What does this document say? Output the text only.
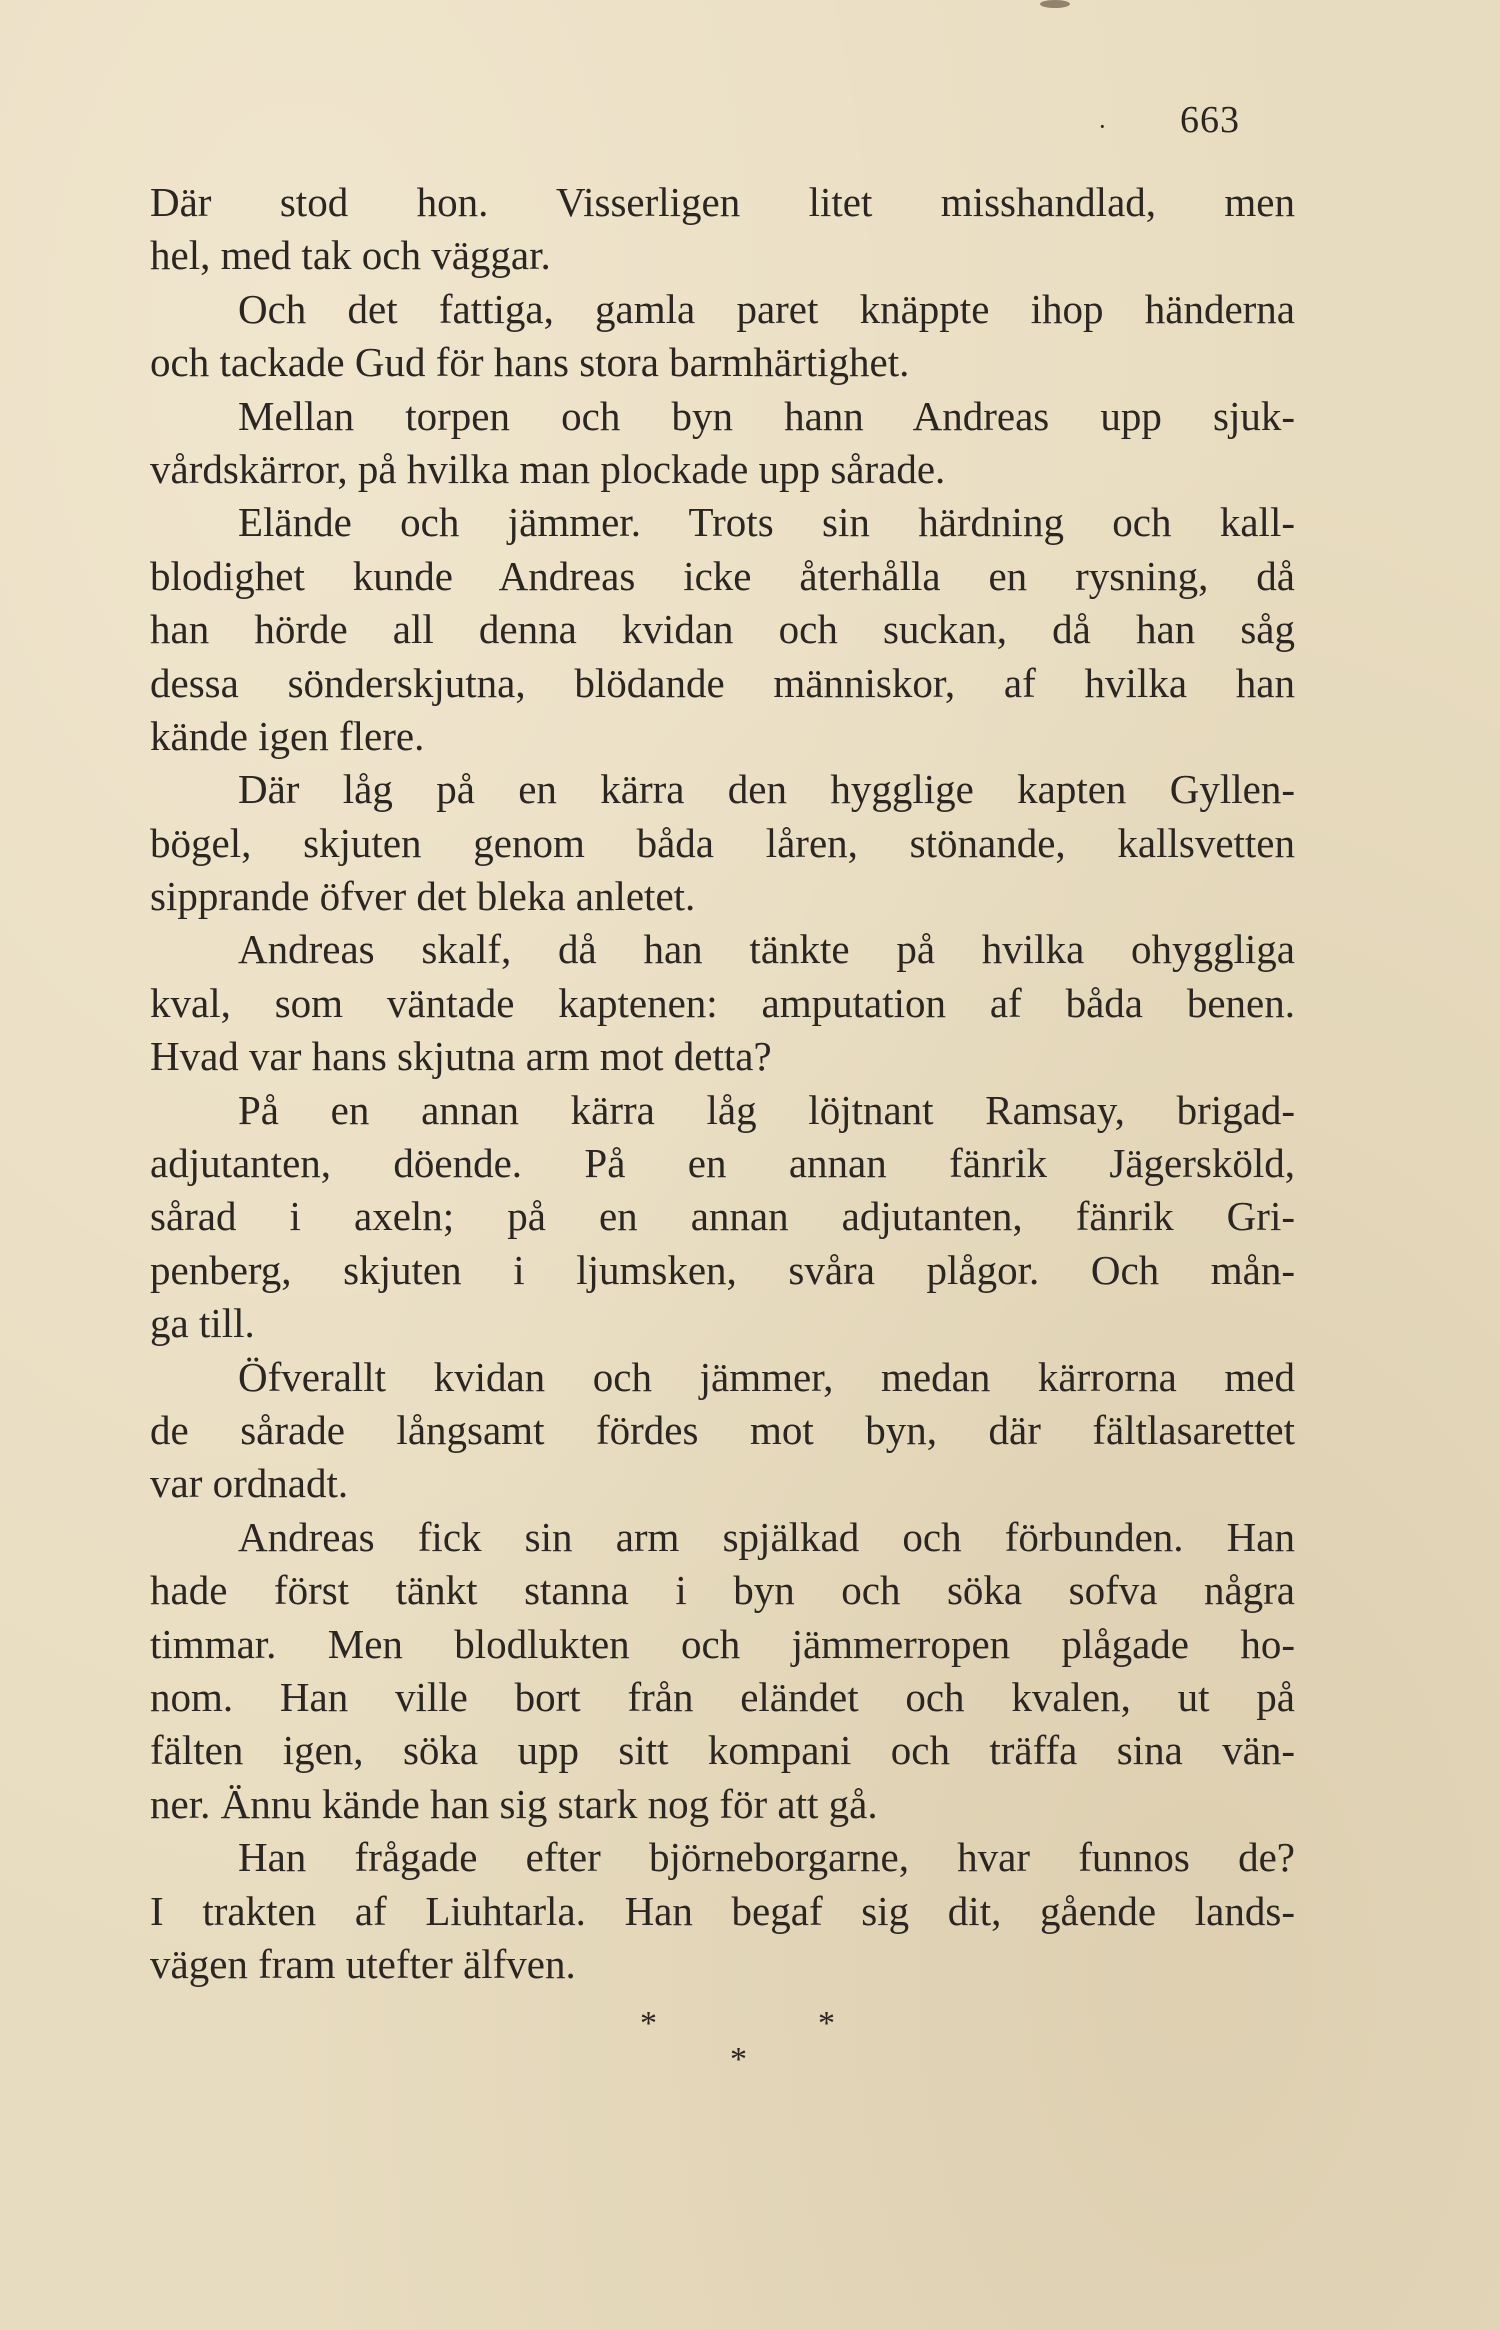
· 663
Där stod hon. Visserligen litet misshandlad, men
hel, med tak och väggar.
Och det fattiga, gamla paret knäppte ihop händerna
och tackade Gud för hans stora barmhärtighet.
Mellan torpen och byn hann Andreas upp sjuk-
vårdskärror, på hvilka man plockade upp sårade.
Elände och jämmer. Trots sin härdning och kall-
blodighet kunde Andreas icke återhålla en rysning, då
han hörde all denna kvidan och suckan, då han såg
dessa sönderskjutna, blödande människor, af hvilka han
kände igen flere.
Där låg på en kärra den hygglige kapten Gyllen-
bögel, skjuten genom båda låren, stönande, kallsvetten
sipprande öfver det bleka anletet.
Andreas skalf, då han tänkte på hvilka ohyggliga
kval, som väntade kaptenen: amputation af båda benen.
Hvad var hans skjutna arm mot detta?
På en annan kärra låg löjtnant Ramsay, brigad-
adjutanten, döende. På en annan fänrik Jägersköld,
sårad i axeln; på en annan adjutanten, fänrik Gri-
penberg, skjuten i ljumsken, svåra plågor. Och mån-
ga till.
Öfverallt kvidan och jämmer, medan kärrorna med
de sårade långsamt fördes mot byn, där fältlasarettet
var ordnadt.
Andreas fick sin arm spjälkad och förbunden. Han
hade först tänkt stanna i byn och söka sofva några
timmar. Men blodlukten och jämmerropen plågade ho-
nom. Han ville bort från eländet och kvalen, ut på
fälten igen, söka upp sitt kompani och träffa sina vän-
ner. Ännu kände han sig stark nog för att gå.
Han frågade efter björneborgarne, hvar funnos de?
I trakten af Liuhtarla. Han begaf sig dit, gående lands-
vägen fram utefter älfven.
*	*
*
